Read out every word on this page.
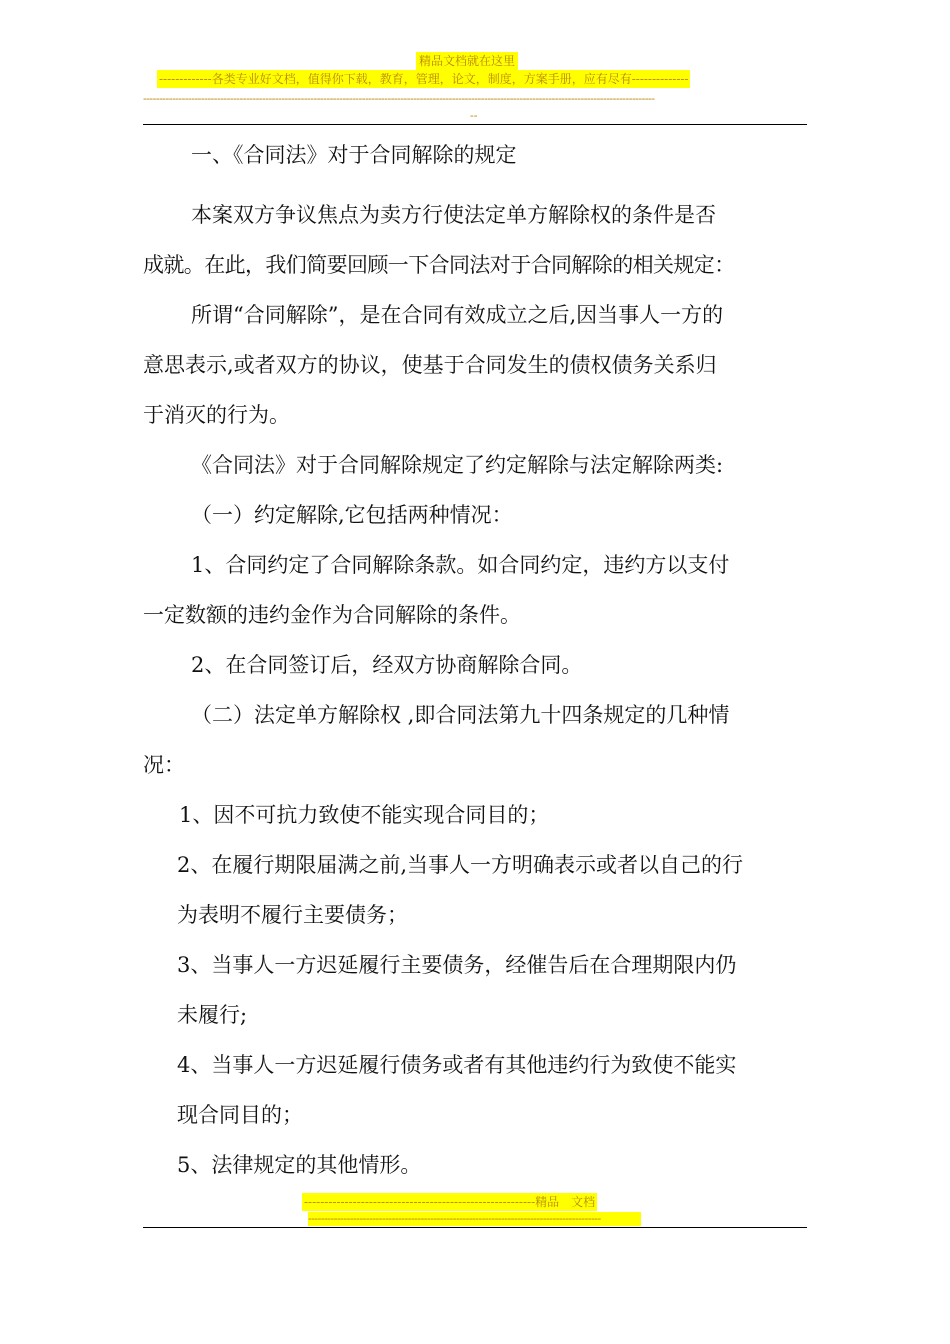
精品文档就在这里
-------------各类专业好文档，值得你下载，教育，管理，论文，制度，方案手册，应有尽有--------------
---------------------------------------------------------------------------------------------------------------------------------------------------------------
--
一、《合同法》对于合同解除的规定
本案双方争议焦点为卖方行使法定单方解除权的条件是否
成就。在此，我们简要回顾一下合同法对于合同解除的相关规定：
所谓“合同解除”，是在合同有效成立之后,因当事人一方的
意思表示,或者双方的协议，使基于合同发生的债权债务关系归
于消灭的行为。
《合同法》对于合同解除规定了约定解除与法定解除两类:
（一）约定解除,它包括两种情况：
1、合同约定了合同解除条款。如合同约定，违约方以支付
一定数额的违约金作为合同解除的条件。
2、在合同签订后，经双方协商解除合同。
（二）法定单方解除权 ,即合同法第九十四条规定的几种情
况：
1、因不可抗力致使不能实现合同目的；
2、在履行期限届满之前,当事人一方明确表示或者以自己的行
为表明不履行主要债务；
3、当事人一方迟延履行主要债务，经催告后在合理期限内仍
未履行;
4、当事人一方迟延履行债务或者有其他违约行为致使不能实
现合同目的；
5、法律规定的其他情形。
---------------------------------------------------------精品　文档
-------------------------------------------------------------------------------------------
